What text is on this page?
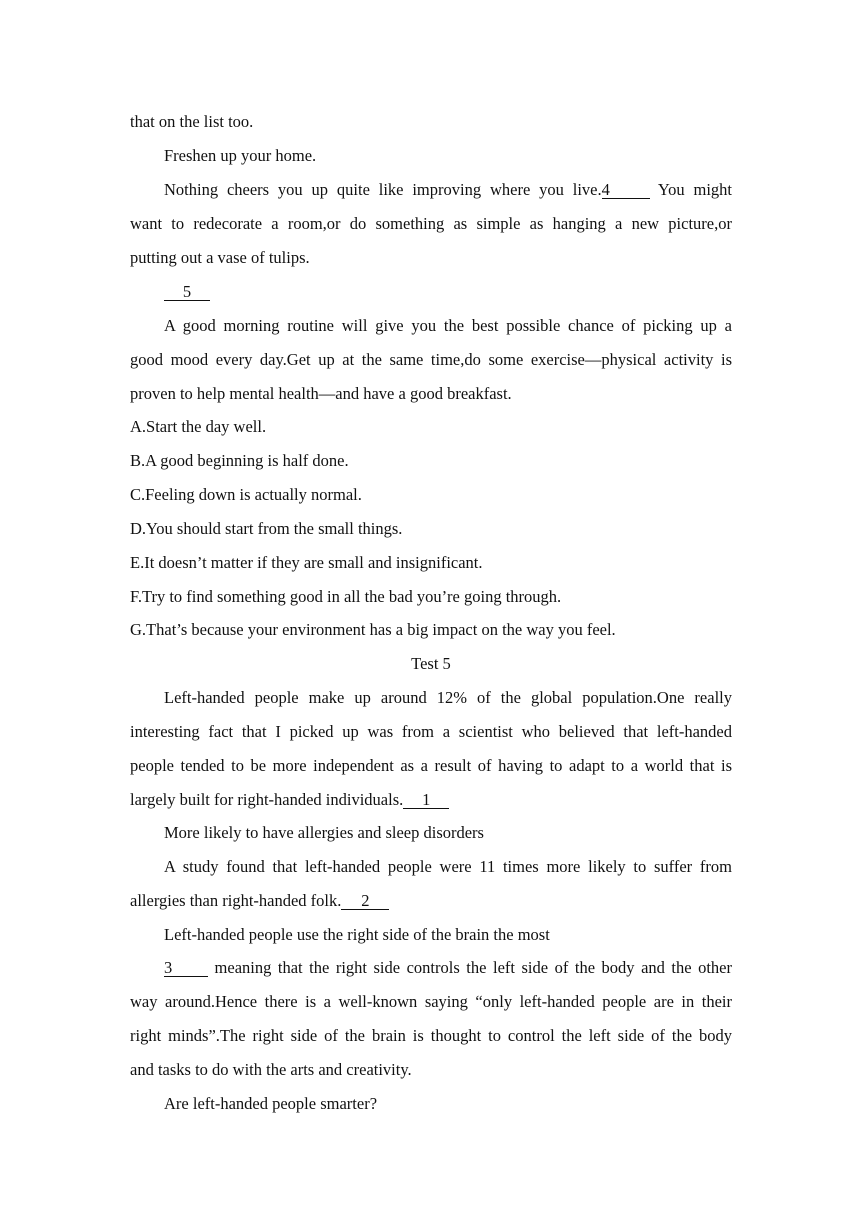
that on the list too.
Freshen up your home.
Nothing cheers you up quite like improving where you live.4	You might
want to redecorate a room,or do something as simple as hanging a new picture,or
putting out a vase of tulips.
5
A good morning routine will give you the best possible chance of picking up a
good mood every day.Get up at the same time,do some exercise—physical activity is
proven to help mental health—and have a good breakfast.
A.Start the day well.
B.A good beginning is half done.
C.Feeling down is actually normal.
D.You should start from the small things.
E.It doesn’t matter if they are small and insignificant.
F.Try to find something good in all the bad you’re going through.
G.That’s because your environment has a big impact on the way you feel.
Test 5
Left-handed people make up around 12% of the global population.One really
interesting fact that I picked up was from a scientist who believed that left-handed
people tended to be more independent as a result of having to adapt to a world that is
largely built for right-handed individuals. 1
More likely to have allergies and sleep disorders
A study found that left-handed people were 11 times more likely to suffer from
allergies than right-handed folk. 2
Left-handed people use the right side of the brain the most
3	meaning that the right side controls the left side of the body and the other
way around.Hence there is a well-known saying “only left-handed people are in their
right minds”.The right side of the brain is thought to control the left side of the body
and tasks to do with the arts and creativity.
Are left-handed people smarter?
